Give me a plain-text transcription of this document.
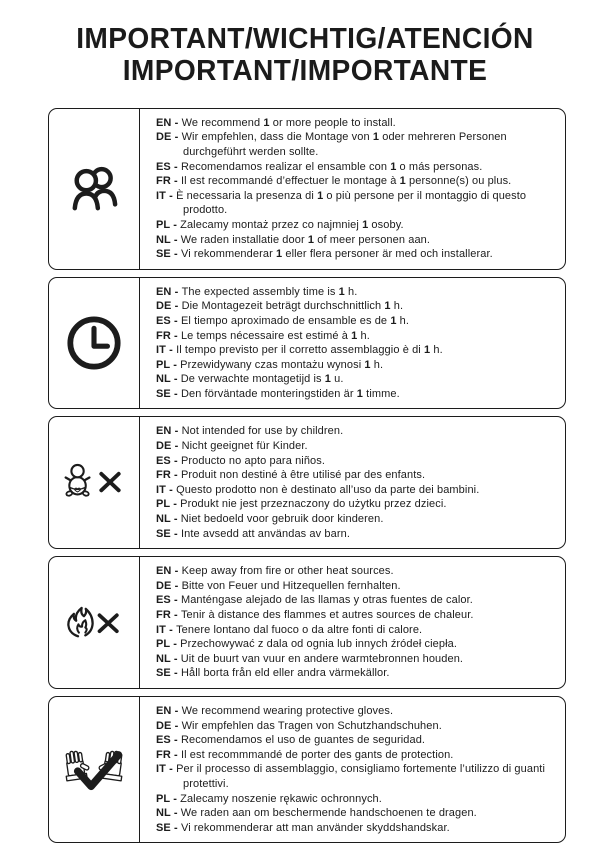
IMPORTANT/WICHTIG/ATENCIÓN
IMPORTANT/IMPORTANTE
EN - We recommend 1 or more people to install.
DE - Wir empfehlen, dass die Montage von 1 oder mehreren Personen durchgeführt werden sollte.
ES - Recomendamos realizar el ensamble con 1 o más personas.
FR - Il est recommandé d’effectuer le montage à 1 personne(s) ou plus.
IT - È necessaria la presenza di 1 o più persone per il montaggio di questo prodotto.
PL - Zalecamy montaż przez co najmniej 1 osoby.
NL - We raden installatie door 1 of meer personen aan.
SE - Vi rekommenderar 1 eller flera personer är med och installerar.
EN - The expected assembly time is 1 h.
DE - Die Montagezeit beträgt durchschnittlich 1 h.
ES - El tiempo aproximado de ensamble es de 1 h.
FR - Le temps nécessaire est estimé à 1 h.
IT - Il tempo previsto per il corretto assemblaggio è di 1 h.
PL - Przewidywany czas montażu wynosi 1 h.
NL - De verwachte montagetijd is 1 u.
SE - Den förväntade monteringstiden är 1 timme.
EN - Not intended for use by children.
DE - Nicht geeignet für Kinder.
ES - Producto no apto para niños.
FR - Produit non destiné à être utilisé par des enfants.
IT - Questo prodotto non è destinato all’uso da parte dei bambini.
PL - Produkt nie jest przeznaczony do użytku przez dzieci.
NL - Niet bedoeld voor gebruik door kinderen.
SE - Inte avsedd att användas av barn.
EN - Keep away from fire or other heat sources.
DE - Bitte von Feuer und Hitzequellen fernhalten.
ES - Manténgase alejado de las llamas y otras fuentes de calor.
FR - Tenir à distance des flammes et autres sources de chaleur.
IT - Tenere lontano dal fuoco o da altre fonti di calore.
PL - Przechowywać z dala od ognia lub innych źródeł ciepła.
NL - Uit de buurt van vuur en andere warmtebronnen houden.
SE - Håll borta från eld eller andra värmekällor.
EN - We recommend wearing protective gloves.
DE - Wir empfehlen das Tragen von Schutzhandschuhen.
ES - Recomendamos el uso de guantes de seguridad.
FR - Il est recommmandé de porter des gants de protection.
IT - Per il processo di assemblaggio, consigliamo fortemente l’utilizzo di guanti protettivi.
PL - Zalecamy noszenie rękawic ochronnych.
NL - We raden aan om beschermende handschoenen te dragen.
SE - Vi rekommenderar att man använder skyddshandskar.
